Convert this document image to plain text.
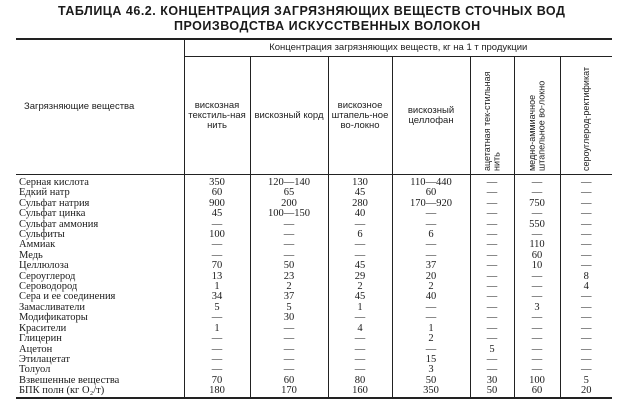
ТАБЛИЦА 46.2. КОНЦЕНТРАЦИЯ ЗАГРЯЗНЯЮЩИХ ВЕЩЕСТВ СТОЧНЫХ ВОД
ПРОИЗВОДСТВА ИСКУССТВЕННЫХ ВОЛОКОН
Загрязняющие вещества	Концентрация загрязняющих веществ, кг на 1 т продукции						
	вискозная текстиль-ная нить	вискозный корд	вискозное штапель-ное во-локно	вискозный целлофан	ацетатная тек-стильная нить	медно-аммиачное штапельное во-локно	сероуглерод-ректификат

Серная кислота	350	120—140	130	110—440	—	—	—
Едкий натр	60	65	45	60	—	—	—
Сульфат натрия	900	200	280	170—920	—	750	—
Сульфат цинка	45	100—150	40	—	—	—	—
Сульфат аммония	—	—	—	—	—	550	—
Сульфиты	100	—	6	6	—	—	—
Аммиак	—	—	—	—	—	110	—
Медь	—	—	—	—	—	60	—
Целлюлоза	70	50	45	37	—	10	—
Сероуглерод	13	23	29	20	—	—	8
Сероводород	1	2	2	2	—	—	4
Сера и ее соединения	34	37	45	40	—	—	—
Замасливатели	5	5	1	—	—	3	—
Модификаторы	—	30	—	—	—	—	—
Красители	1	—	4	1	—	—	—
Глицерин	—	—	—	2	—	—	—
Ацетон	—	—	—	—	5	—	—
Этилацетат	—	—	—	15	—	—	—
Толуол	—	—	—	3	—	—	—
Взвешенные вещества	70	60	80	50	30	100	5
БПК полн (кг O₂/т)	180	170	160	350	50	60	20
